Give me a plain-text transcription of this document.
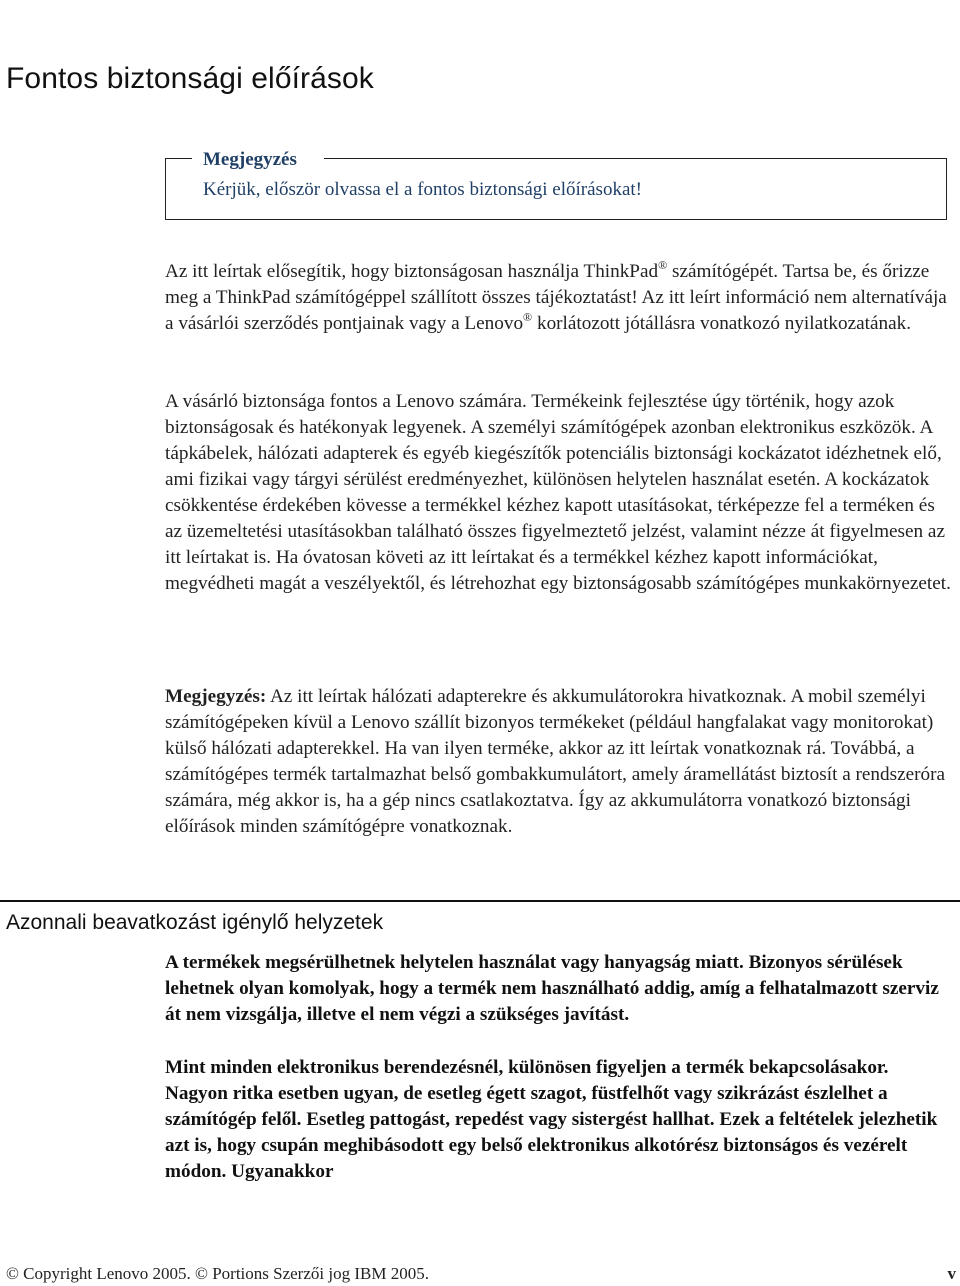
Fontos biztonsági előírások
Megjegyzés
Kérjük, először olvassa el a fontos biztonsági előírásokat!

Az itt leírtak elősegítik, hogy biztonságosan használja ThinkPad® számítógépét. Tartsa be, és őrizze meg a ThinkPad számítógéppel szállított összes tájékoztatást! Az itt leírt információ nem alternatívája a vásárlói szerződés pontjainak vagy a Lenovo® korlátozott jótállásra vonatkozó nyilatkozatának.

A vásárló biztonsága fontos a Lenovo számára. Termékeink fejlesztése úgy történik, hogy azok biztonságosak és hatékonyak legyenek. A személyi számítógépek azonban elektronikus eszközök. A tápkábelek, hálózati adapterek és egyéb kiegészítők potenciális biztonsági kockázatot idézhetnek elő, ami fizikai vagy tárgyi sérülést eredményezhet, különösen helytelen használat esetén. A kockázatok csökkentése érdekében kövesse a termékkel kézhez kapott utasításokat, térképezze fel a terméken és az üzemeltetési utasításokban található összes figyelmeztető jelzést, valamint nézze át figyelmesen az itt leírtakat is. Ha óvatosan követi az itt leírtakat és a termékkel kézhez kapott információkat, megvédheti magát a veszélyektől, és létrehozhat egy biztonságosabb számítógépes munkakörnyezetet.

Megjegyzés: Az itt leírtak hálózati adapterekre és akkumulátorokra hivatkoznak. A mobil személyi számítógépeken kívül a Lenovo szállít bizonyos termékeket (például hangfalakat vagy monitorokat) külső hálózati adapterekkel. Ha van ilyen terméke, akkor az itt leírtak vonatkoznak rá. Továbbá, a számítógépes termék tartalmazhat belső gombakkumulátort, amely áramellátást biztosít a rendszeróra számára, még akkor is, ha a gép nincs csatlakoztatva. Így az akkumulátorra vonatkozó biztonsági előírások minden számítógépre vonatkoznak.

Azonnali beavatkozást igénylő helyzetek

A termékek megsérülhetnek helytelen használat vagy hanyagság miatt. Bizonyos sérülések lehetnek olyan komolyak, hogy a termék nem használható addig, amíg a felhatalmazott szerviz át nem vizsgálja, illetve el nem végzi a szükséges javítást.

Mint minden elektronikus berendezésnél, különösen figyeljen a termék bekapcsolásakor. Nagyon ritka esetben ugyan, de esetleg égett szagot, füstfelhőt vagy szikrázást észlelhet a számítógép felől. Esetleg pattogást, repedést vagy sistergést hallhat. Ezek a feltételek jelezhetik azt is, hogy csupán meghibásodott egy belső elektronikus alkotórész biztonságos és vezérelt módon. Ugyanakkor

© Copyright Lenovo 2005. © Portions Szerzői jog IBM 2005.	v
